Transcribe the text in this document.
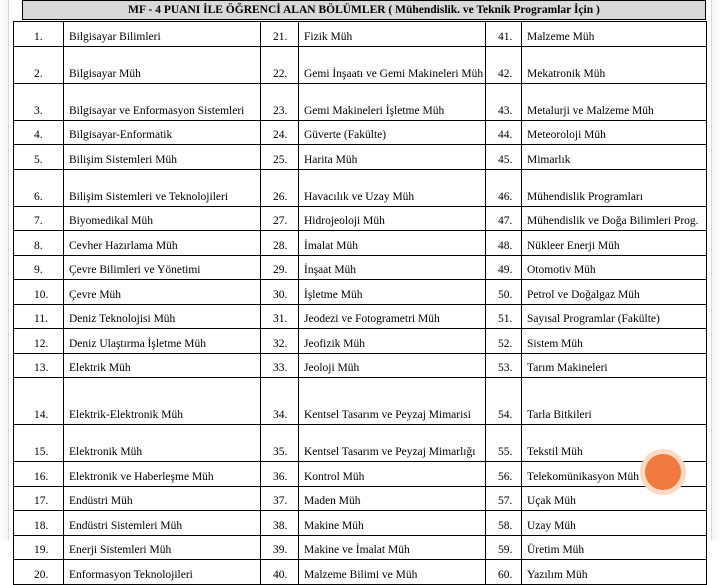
MF - 4 PUANI İLE ÖĞRENCİ ALAN BÖLÜMLER ( Mühendislik. ve Teknik Programlar İçin )
1.	Bilgisayar Bilimleri	21.	Fizik Müh	41.	Malzeme Müh
2.	Bilgisayar Müh	22.	Gemi İnşaatı ve Gemi Makineleri Müh	42.	Mekatronik Müh
3.	Bilgisayar ve Enformasyon Sistemleri	23.	Gemi Makineleri İşletme Müh	43.	Metalurji ve Malzeme Müh
4.	Bilgisayar-Enformatik	24.	Güverte (Fakülte)	44.	Meteoroloji Müh
5.	Bilişim Sistemleri Müh	25.	Harita Müh	45.	Mimarlık
6.	Bilişim Sistemleri ve Teknolojileri	26.	Havacılık ve Uzay Müh	46.	Mühendislik Programları
7.	Biyomedikal Müh	27.	Hidrojeoloji Müh	47.	Mühendislik ve Doğa Bilimleri Prog.
8.	Cevher Hazırlama Müh	28.	İmalat Müh	48.	Nükleer Enerji Müh
9.	Çevre Bilimleri ve Yönetimi	29.	İnşaat Müh	49.	Otomotiv Müh
10.	Çevre Müh	30.	İşletme Müh	50.	Petrol ve Doğalgaz Müh
11.	Deniz Teknolojisi Müh	31.	Jeodezi ve Fotogrametri Müh	51.	Sayısal Programlar (Fakülte)
12.	Deniz Ulaştırma İşletme Müh	32.	Jeofizik Müh	52.	Sistem Müh
13.	Elektrik Müh	33.	Jeoloji Müh	53.	Tarım Makineleri
14.	Elektrik-Elektronik Müh	34.	Kentsel Tasarım ve Peyzaj Mimarisi	54.	Tarla Bitkileri
15.	Elektronik Müh	35.	Kentsel Tasarım ve Peyzaj Mimarlığı	55.	Tekstil Müh
16.	Elektronik ve Haberleşme Müh	36.	Kontrol Müh	56.	Telekomünikasyon Müh
17.	Endüstri Müh	37.	Maden Müh	57.	Uçak Müh
18.	Endüstri Sistemleri Müh	38.	Makine Müh	58.	Uzay Müh
19.	Enerji Sistemleri Müh	39.	Makine ve İmalat Müh	59.	Üretim Müh
20.	Enformasyon Teknolojileri	40.	Malzeme Bilimi ve Müh	60.	Yazılım Müh
